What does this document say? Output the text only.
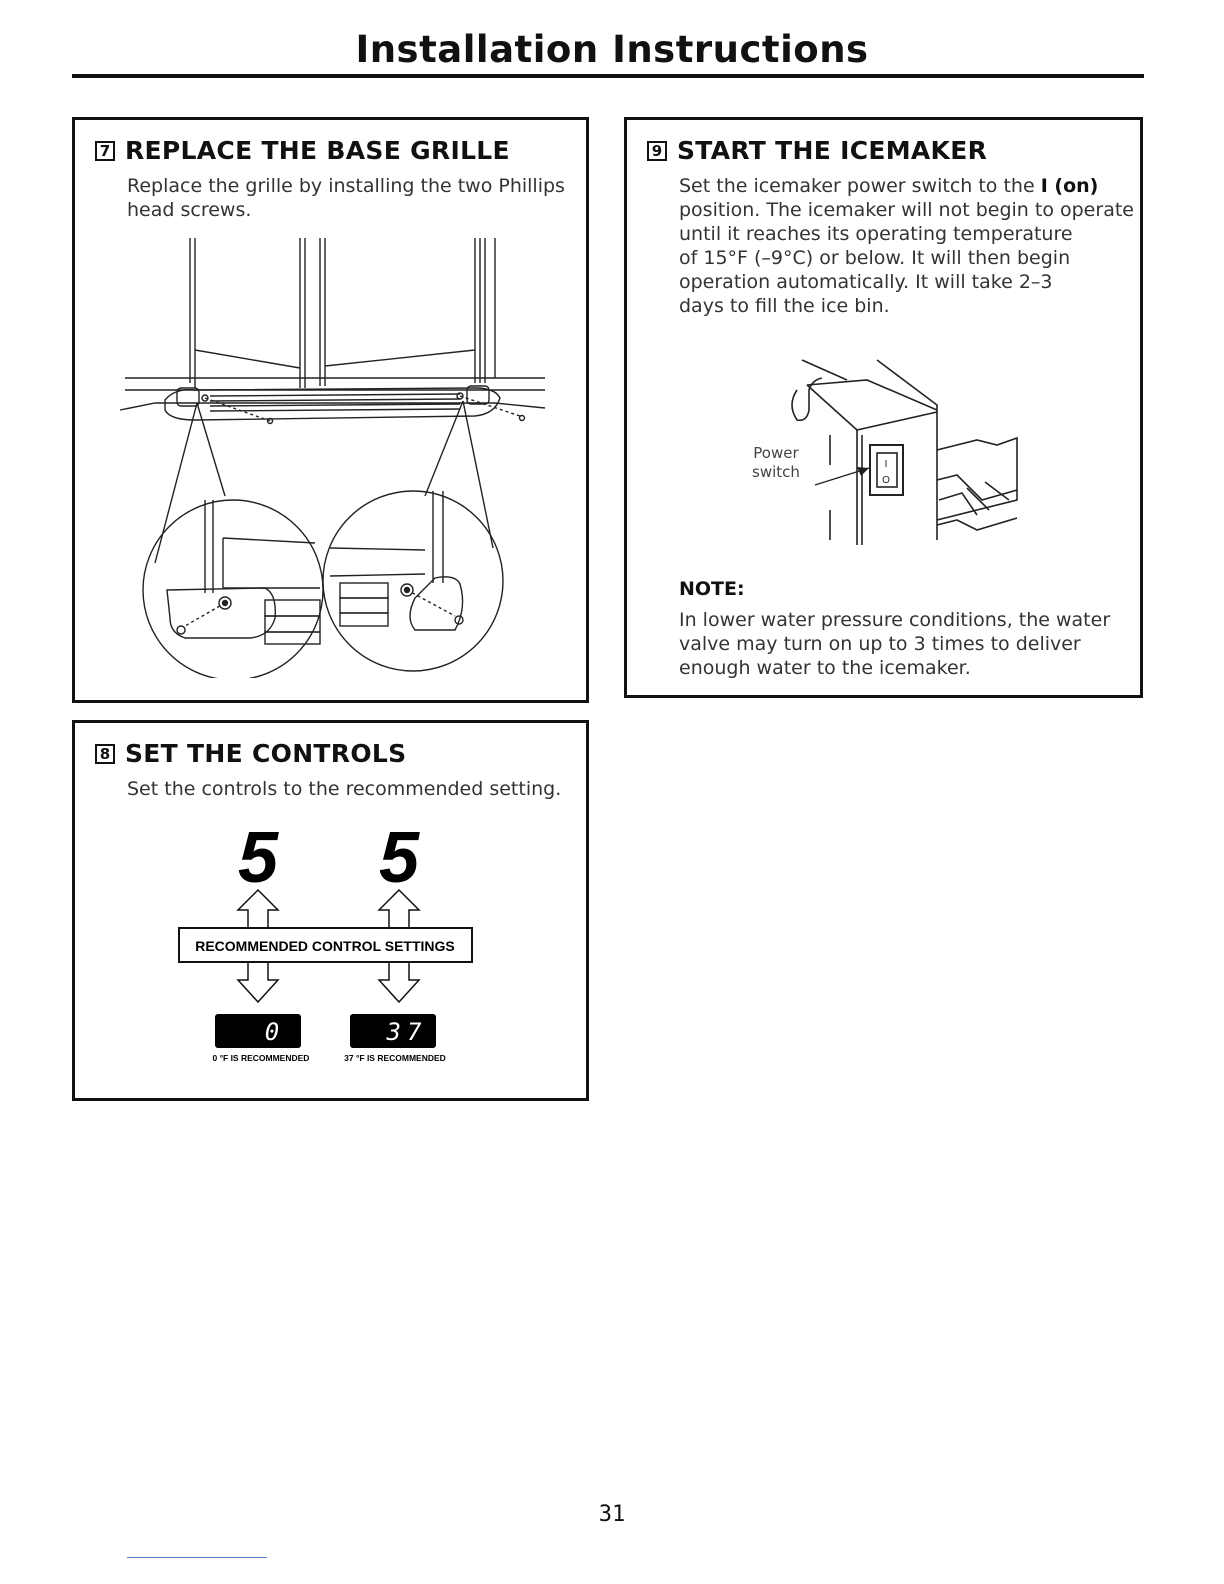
Installation Instructions
7 REPLACE THE BASE GRILLE
Replace the grille by installing the two Phillips
head screws.
9 START THE ICEMAKER
Set the icemaker power switch to the I (on)
position. The icemaker will not begin to operate
until it reaches its operating temperature
of 15°F (–9°C) or below. It will then begin
operation automatically. It will take 2–3
days to fill the ice bin.
I
O
Power
switch
NOTE:
In lower water pressure conditions, the water
valve may turn on up to 3 times to deliver
enough water to the icemaker.
8 SET THE CONTROLS
Set the controls to the recommended setting.
5 5
RECOMMENDED CONTROL SETTINGS
0	37
0 °F IS RECOMMENDED	37 °F IS RECOMMENDED
31
